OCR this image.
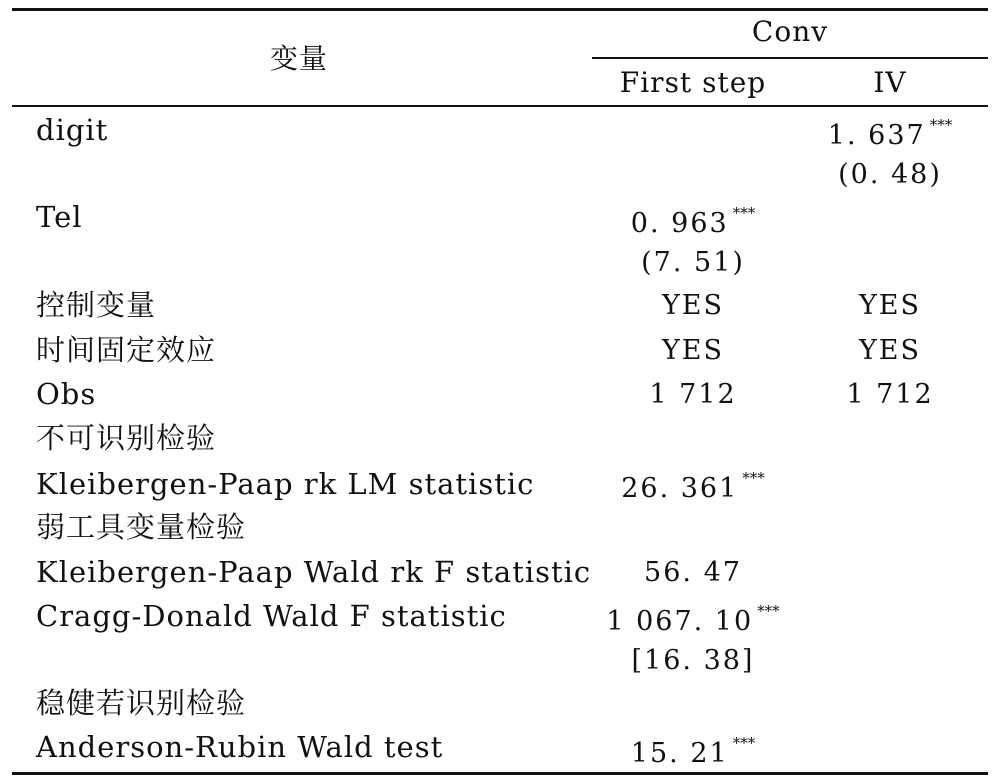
变量
Conv
First step	IV
digit
Tel
控制变量
时间固定效应
Obs
不可识别检验
Kleibergen-Paap rk LM statistic
弱工具变量检验
Kleibergen-Paap Wald rk F statistic
Cragg-Donald Wald F statistic
稳健若识别检验
Anderson-Rubin Wald test
1. 637 ***
(0. 48)
YES
YES
1 712
0. 963 ***
(7. 51)
YES
YES
1 712
26. 361 ***
56. 47
1 067. 10 ***
[16. 38]
15. 21 ***
